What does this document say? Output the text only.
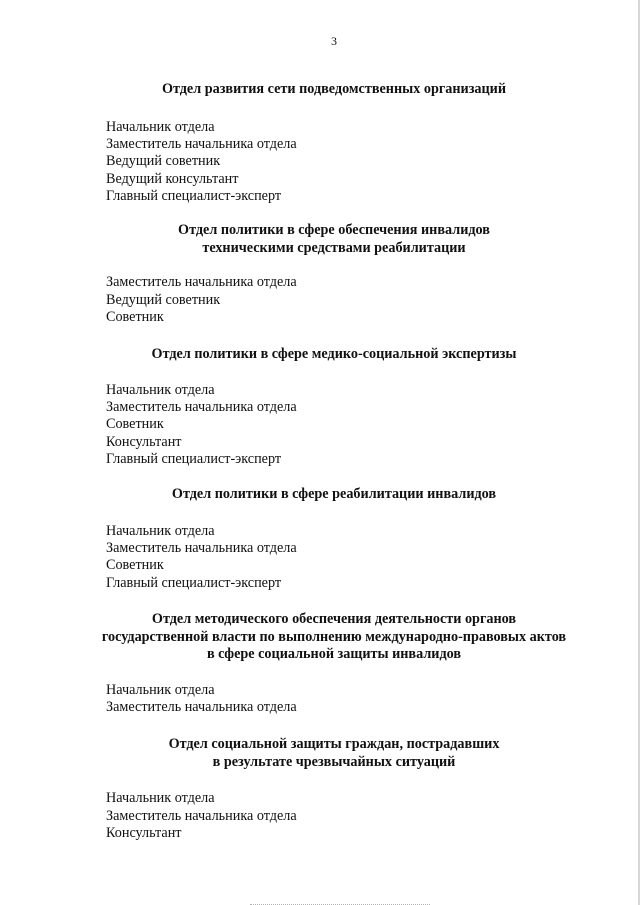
3
Отдел развития сети подведомственных организаций
Начальник отдела
Заместитель начальника отдела
Ведущий советник
Ведущий консультант
Главный специалист-эксперт
Отдел политики в сфере обеспечения инвалидов
техническими средствами реабилитации
Заместитель начальника отдела
Ведущий советник
Советник
Отдел политики в сфере медико-социальной экспертизы
Начальник отдела
Заместитель начальника отдела
Советник
Консультант
Главный специалист-эксперт
Отдел политики в сфере реабилитации инвалидов
Начальник отдела
Заместитель начальника отдела
Советник
Главный специалист-эксперт
Отдел методического обеспечения деятельности органов
государственной власти по выполнению международно-правовых актов
в сфере социальной защиты инвалидов
Начальник отдела
Заместитель начальника отдела
Отдел социальной защиты граждан, пострадавших
в результате чрезвычайных ситуаций
Начальник отдела
Заместитель начальника отдела
Консультант
